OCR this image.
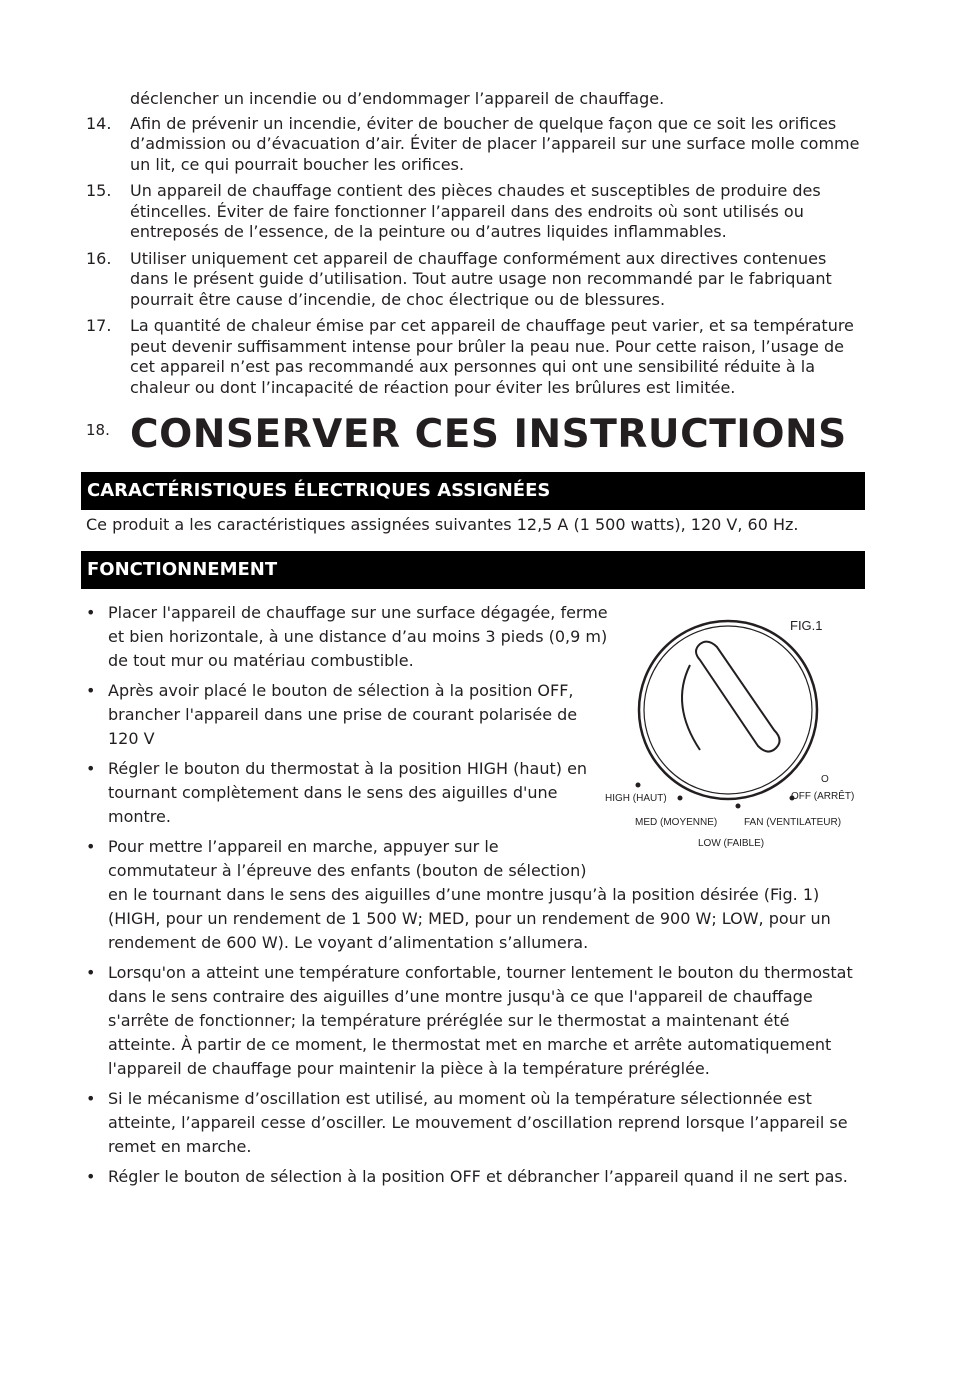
déclencher un incendie ou d’endommager l’appareil de chauffage.
14. Afin de prévenir un incendie, éviter de boucher de quelque façon que ce soit les orifices d’admission ou d’évacuation d’air. Éviter de placer l’appareil sur une surface molle comme un lit, ce qui pourrait boucher les orifices.
15. Un appareil de chauffage contient des pièces chaudes et susceptibles de produire des étincelles. Éviter de faire fonctionner l’appareil dans des endroits où sont utilisés ou entreposés de l’essence, de la peinture ou d’autres liquides inflammables.
16. Utiliser uniquement cet appareil de chauffage conformément aux directives contenues dans le présent guide d’utilisation. Tout autre usage non recommandé par le fabriquant pourrait être cause d’incendie, de choc électrique ou de blessures.
17. La quantité de chaleur émise par cet appareil de chauffage peut varier, et sa température peut devenir suffisamment intense pour brûler la peau nue. Pour cette raison, l’usage de cet appareil n’est pas recommandé aux personnes qui ont une sensibilité réduite à la chaleur ou dont l’incapacité de réaction pour éviter les brûlures est limitée.
18. CONSERVER CES INSTRUCTIONS
CARACTÉRISTIQUES ÉLECTRIQUES ASSIGNÉES
Ce produit a les caractéristiques assignées suivantes 12,5 A (1 500 watts), 120 V, 60 Hz.
FONCTIONNEMENT
• Placer l'appareil de chauffage sur une surface dégagée, ferme et bien horizontale, à une distance d’au moins 3 pieds (0,9 m) de tout mur ou matériau combustible.
• Après avoir placé le bouton de sélection à la position OFF, brancher l'appareil dans une prise de courant polarisée de 120 V
• Régler le bouton du thermostat à la position HIGH (haut) en tournant complètement dans le sens des aiguilles d'une montre.
• Pour mettre l’appareil en marche, appuyer sur le
commutateur à l’épreuve des enfants (bouton de sélection)
en le tournant dans le sens des aiguilles d’une montre jusqu’à la position désirée (Fig. 1) (HIGH, pour un rendement de 1 500 W; MED, pour un rendement de 900 W; LOW, pour un rendement de 600 W). Le voyant d’alimentation s’allumera.
• Lorsqu'on a atteint une température confortable, tourner lentement le bouton du thermostat dans le sens contraire des aiguilles d’une montre jusqu'à ce que l'appareil de chauffage s'arrête de fonctionner; la température préréglée sur le thermostat a maintenant été atteinte. À partir de ce moment, le thermostat met en marche et arrête automatiquement l'appareil de chauffage pour maintenir la pièce à la température préréglée.
• Si le mécanisme d’oscillation est utilisé, au moment où la température sélectionnée est atteinte, l’appareil cesse d’osciller. Le mouvement d’oscillation reprend lorsque l’appareil se remet en marche.
• Régler le bouton de sélection à la position OFF et débrancher l’appareil quand il ne sert pas.
FIG.1
O
OFF (ARRÊT)
HIGH (HAUT)
MED (MOYENNE)	FAN (VENTILATEUR)
LOW (FAIBLE)
